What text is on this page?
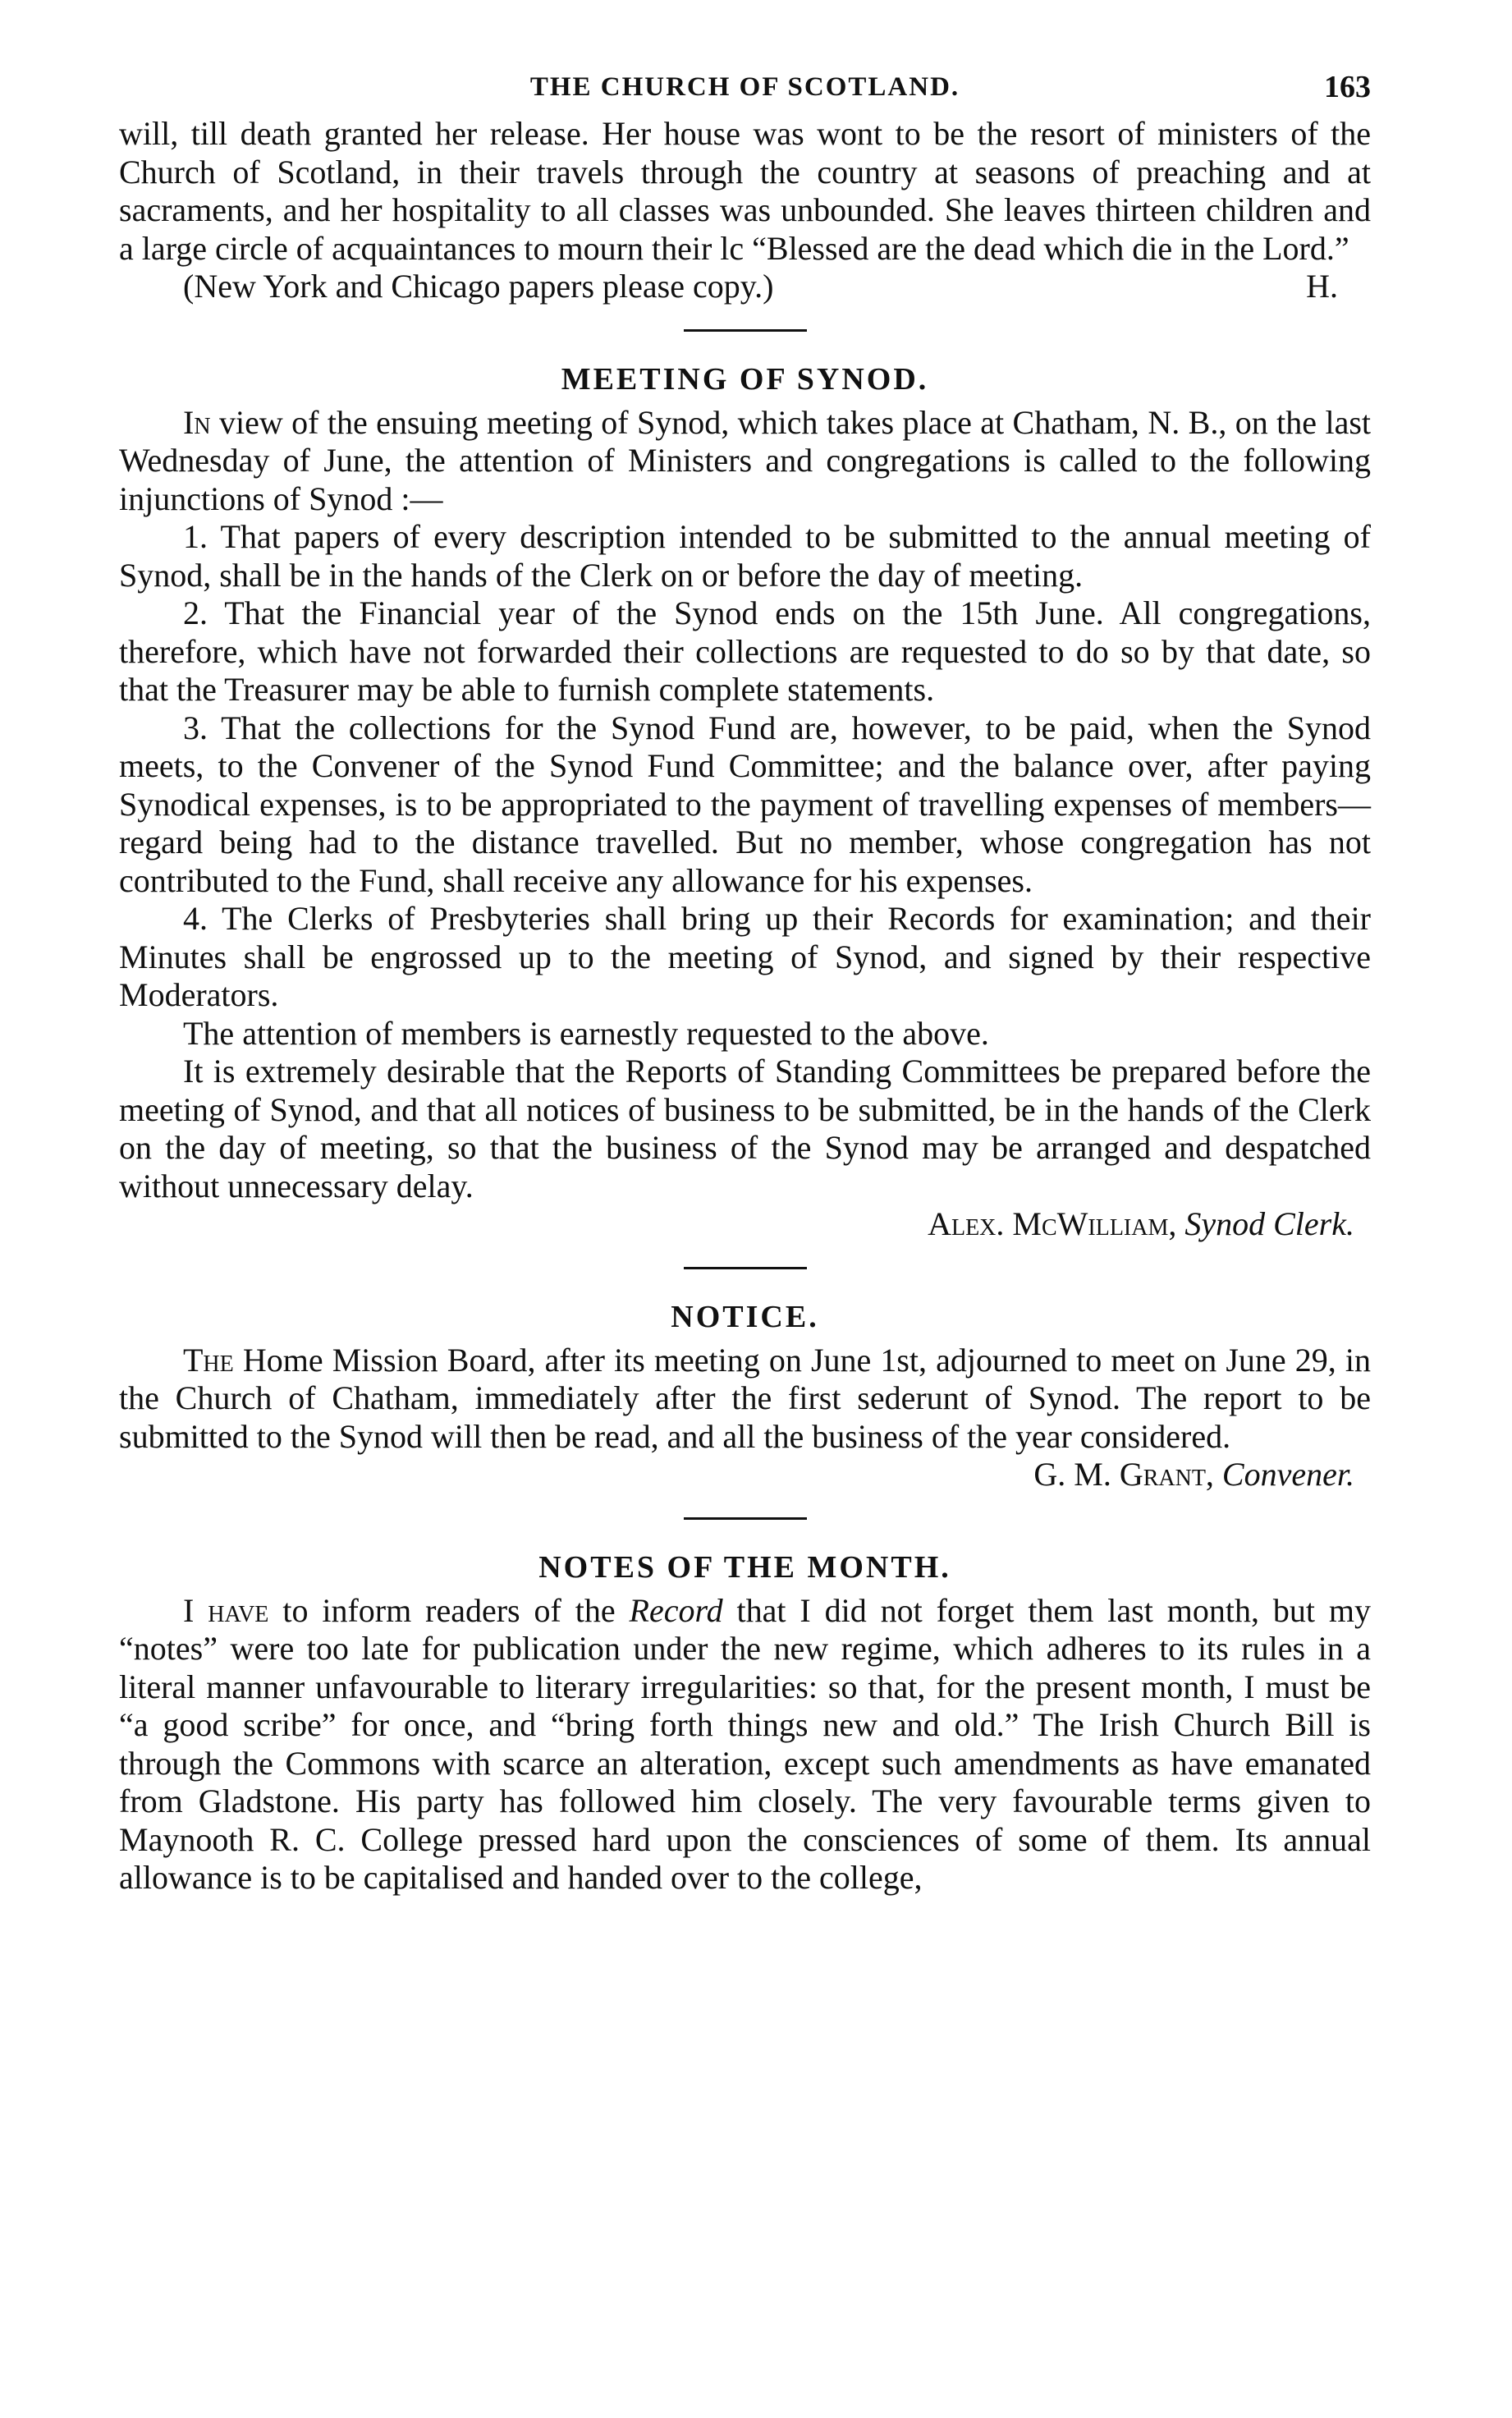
THE CHURCH OF SCOTLAND.	163

will, till death granted her release. Her house was wont to be the resort of ministers of the Church of Scotland, in their travels through the country at seasons of preaching and at sacraments, and her hospitality to all classes was unbounded. She leaves thirteen children and a large circle of acquaintances to mourn their lc “Blessed are the dead which die in the Lord.”

(New York and Chicago papers please copy.)	H.

MEETING OF SYNOD.

In view of the ensuing meeting of Synod, which takes place at Chatham, N. B., on the last Wednesday of June, the attention of Ministers and congregations is called to the following injunctions of Synod :—

1. That papers of every description intended to be submitted to the annual meeting of Synod, shall be in the hands of the Clerk on or before the day of meeting.

2. That the Financial year of the Synod ends on the 15th June. All congregations, therefore, which have not forwarded their collections are requested to do so by that date, so that the Treasurer may be able to furnish complete statements.

3. That the collections for the Synod Fund are, however, to be paid, when the Synod meets, to the Convener of the Synod Fund Committee; and the balance over, after paying Synodical expenses, is to be appropriated to the payment of travelling expenses of members—regard being had to the distance travelled. But no member, whose congregation has not contributed to the Fund, shall receive any allowance for his expenses.

4. The Clerks of Presbyteries shall bring up their Records for examination; and their Minutes shall be engrossed up to the meeting of Synod, and signed by their respective Moderators.

The attention of members is earnestly requested to the above.

It is extremely desirable that the Reports of Standing Committees be prepared before the meeting of Synod, and that all notices of business to be submitted, be in the hands of the Clerk on the day of meeting, so that the business of the Synod may be arranged and despatched without unnecessary delay.

Alex. McWilliam, Synod Clerk.

NOTICE.

The Home Mission Board, after its meeting on June 1st, adjourned to meet on June 29, in the Church of Chatham, immediately after the first sederunt of Synod. The report to be submitted to the Synod will then be read, and all the business of the year considered.

G. M. Grant, Convener.

NOTES OF THE MONTH.

I have to inform readers of the Record that I did not forget them last month, but my “notes” were too late for publication under the new regime, which adheres to its rules in a literal manner unfavourable to literary irregularities: so that, for the present month, I must be “a good scribe” for once, and “bring forth things new and old.” The Irish Church Bill is through the Commons with scarce an alteration, except such amendments as have emanated from Gladstone. His party has followed him closely. The very favourable terms given to Maynooth R. C. College pressed hard upon the consciences of some of them. Its annual allowance is to be capitalised and handed over to the college,
